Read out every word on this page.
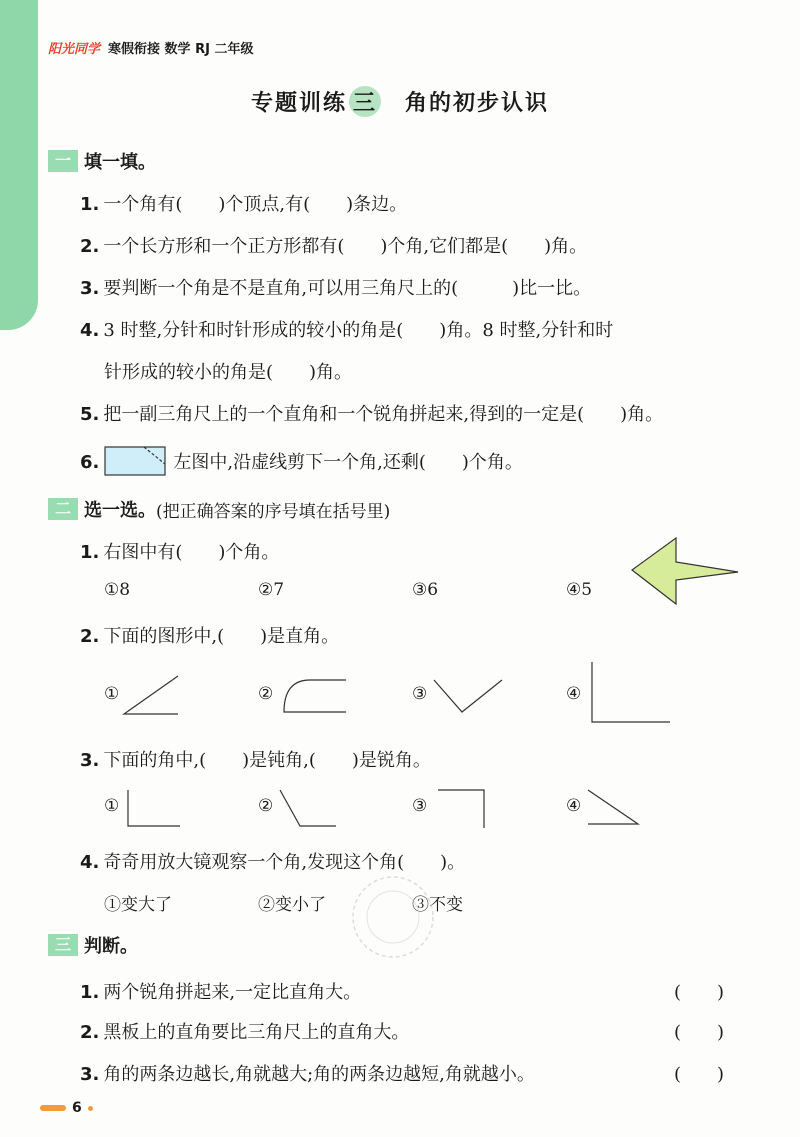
阳光同学 寒假衔接 数学 RJ 二年级
专题训练 三 角的初步认识
一 填一填。
1. 一个角有(　　)个顶点,有(　　)条边。
2. 一个长方形和一个正方形都有(　　)个角,它们都是(　　)角。
3. 要判断一个角是不是直角,可以用三角尺上的(　　　)比一比。
4. 3 时整,分针和时针形成的较小的角是(　　)角。8 时整,分针和时
针形成的较小的角是(　　)角。
5. 把一副三角尺上的一个直角和一个锐角拼起来,得到的一定是(　　)角。
6.	左图中,沿虚线剪下一个角,还剩(　　)个角。
二 选一选。 (把正确答案的序号填在括号里)
1. 右图中有(　　)个角。
①8	②7	③6	④5
2. 下面的图形中,(　　)是直角。
①	②	③	④
3. 下面的角中,(　　)是钝角,(　　)是锐角。
①	②	③	④
4. 奇奇用放大镜观察一个角,发现这个角(　　)。
①变大了	②变小了	③不变
三 判断。
1. 两个锐角拼起来,一定比直角大。	(　　)
2. 黑板上的直角要比三角尺上的直角大。	(　　)
3. 角的两条边越长,角就越大;角的两条边越短,角就越小。	(　　)
6
